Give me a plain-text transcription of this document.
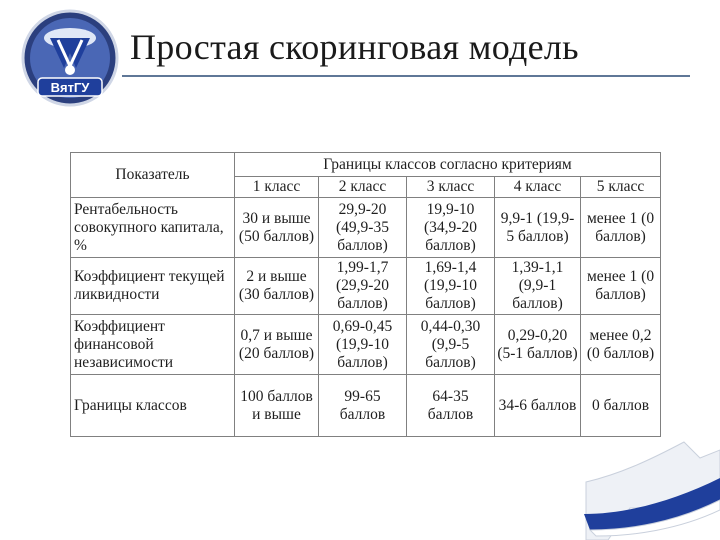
ВятГУ
Простая скоринговая модель
Показатель	Границы классов согласно критериям				
	1 класс	2 класс	3 класс	4 класс	5 класс
Рентабельность совокупного капитала, %	30 и выше (50 баллов)	29,9-20 (49,9-35 баллов)	19,9-10 (34,9-20 баллов)	9,9-1 (19,9-5 баллов)	менее 1 (0 баллов)
Коэффициент текущей ликвидности	2 и выше (30 баллов)	1,99-1,7 (29,9-20 баллов)	1,69-1,4 (19,9-10 баллов)	1,39-1,1 (9,9-1 баллов)	менее 1 (0 баллов)
Коэффициент финансовой независимости	0,7 и выше (20 баллов)	0,69-0,45 (19,9-10 баллов)	0,44-0,30 (9,9-5 баллов)	0,29-0,20 (5-1 баллов)	менее 0,2 (0 баллов)
Границы классов	100 баллов и выше	99-65 баллов	64-35 баллов	34-6 баллов	0 баллов
